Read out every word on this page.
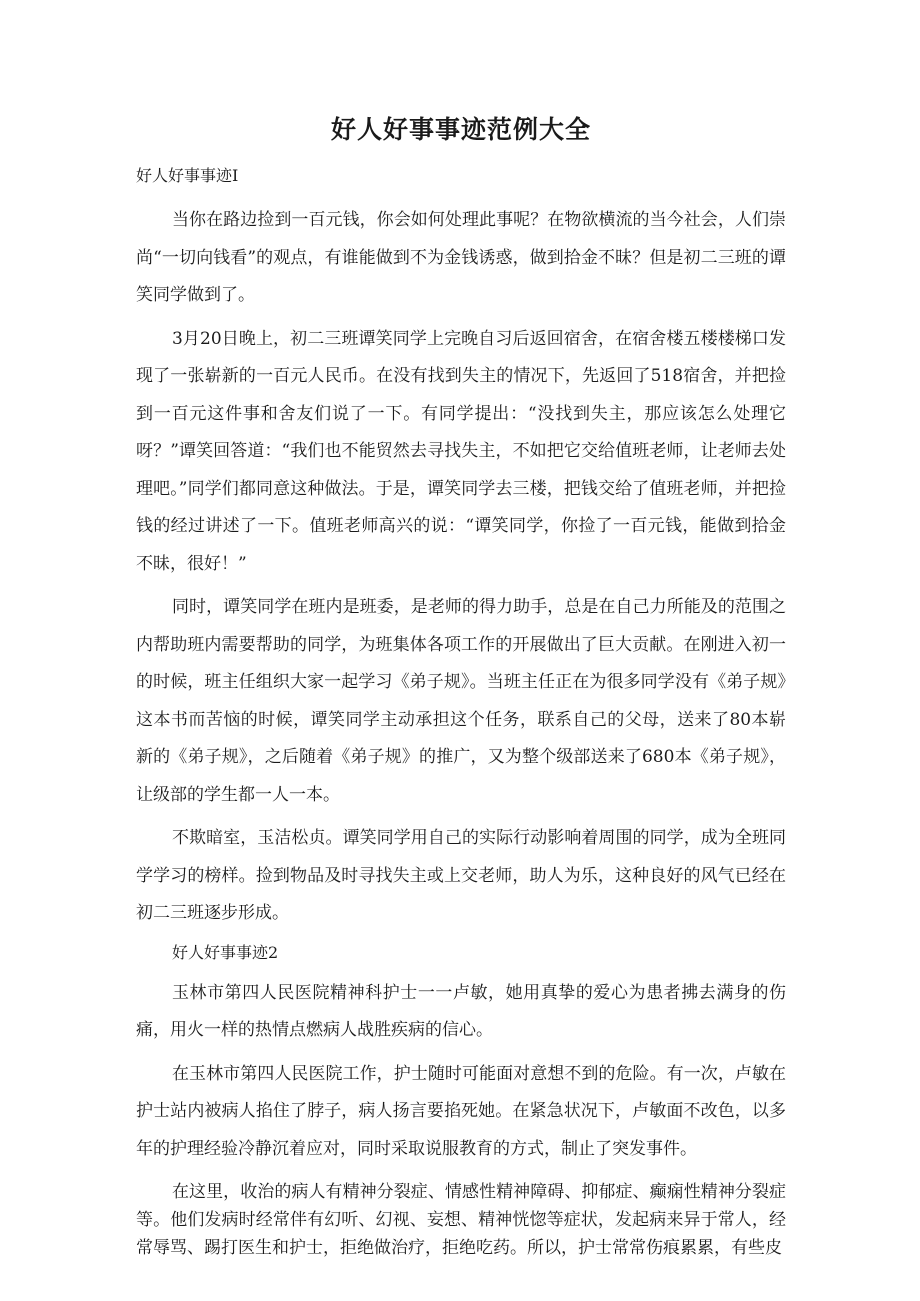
好人好事事迹范例大全
好人好事事迹I

当你在路边捡到一百元钱，你会如何处理此事呢？在物欲横流的当今社会，人们崇尚“一切向钱看”的观点，有谁能做到不为金钱诱惑，做到拾金不昧？但是初二三班的谭笑同学做到了。

3月20日晚上，初二三班谭笑同学上完晚自习后返回宿舍，在宿舍楼五楼楼梯口发现了一张崭新的一百元人民币。在没有找到失主的情况下，先返回了518宿舍，并把捡到一百元这件事和舍友们说了一下。有同学提出：“没找到失主，那应该怎么处理它呀？”谭笑回答道：“我们也不能贸然去寻找失主，不如把它交给值班老师，让老师去处理吧。”同学们都同意这种做法。于是，谭笑同学去三楼，把钱交给了值班老师，并把捡钱的经过讲述了一下。值班老师高兴的说：“谭笑同学，你捡了一百元钱，能做到拾金不昧，很好！”

同时，谭笑同学在班内是班委，是老师的得力助手，总是在自己力所能及的范围之内帮助班内需要帮助的同学，为班集体各项工作的开展做出了巨大贡献。在刚进入初一的时候，班主任组织大家一起学习《弟子规》。当班主任正在为很多同学没有《弟子规》这本书而苦恼的时候，谭笑同学主动承担这个任务，联系自己的父母，送来了80本崭新的《弟子规》，之后随着《弟子规》的推广，又为整个级部送来了680本《弟子规》，让级部的学生都一人一本。

不欺暗室，玉洁松贞。谭笑同学用自己的实际行动影响着周围的同学，成为全班同学学习的榜样。捡到物品及时寻找失主或上交老师，助人为乐，这种良好的风气已经在初二三班逐步形成。

好人好事事迹2

玉林市第四人民医院精神科护士一一卢敏，她用真挚的爱心为患者拂去满身的伤痛，用火一样的热情点燃病人战胜疾病的信心。

在玉林市第四人民医院工作，护士随时可能面对意想不到的危险。有一次，卢敏在护士站内被病人掐住了脖子，病人扬言要掐死她。在紧急状况下，卢敏面不改色，以多年的护理经验冷静沉着应对，同时采取说服教育的方式，制止了突发事件。

在这里，收治的病人有精神分裂症、情感性精神障碍、抑郁症、癫痫性精神分裂症等。他们发病时经常伴有幻听、幻视、妄想、精神恍惚等症状，发起病来异于常人，经常辱骂、踢打医生和护士，拒绝做治疗，拒绝吃药。所以，护士常常伤痕累累，有些皮
